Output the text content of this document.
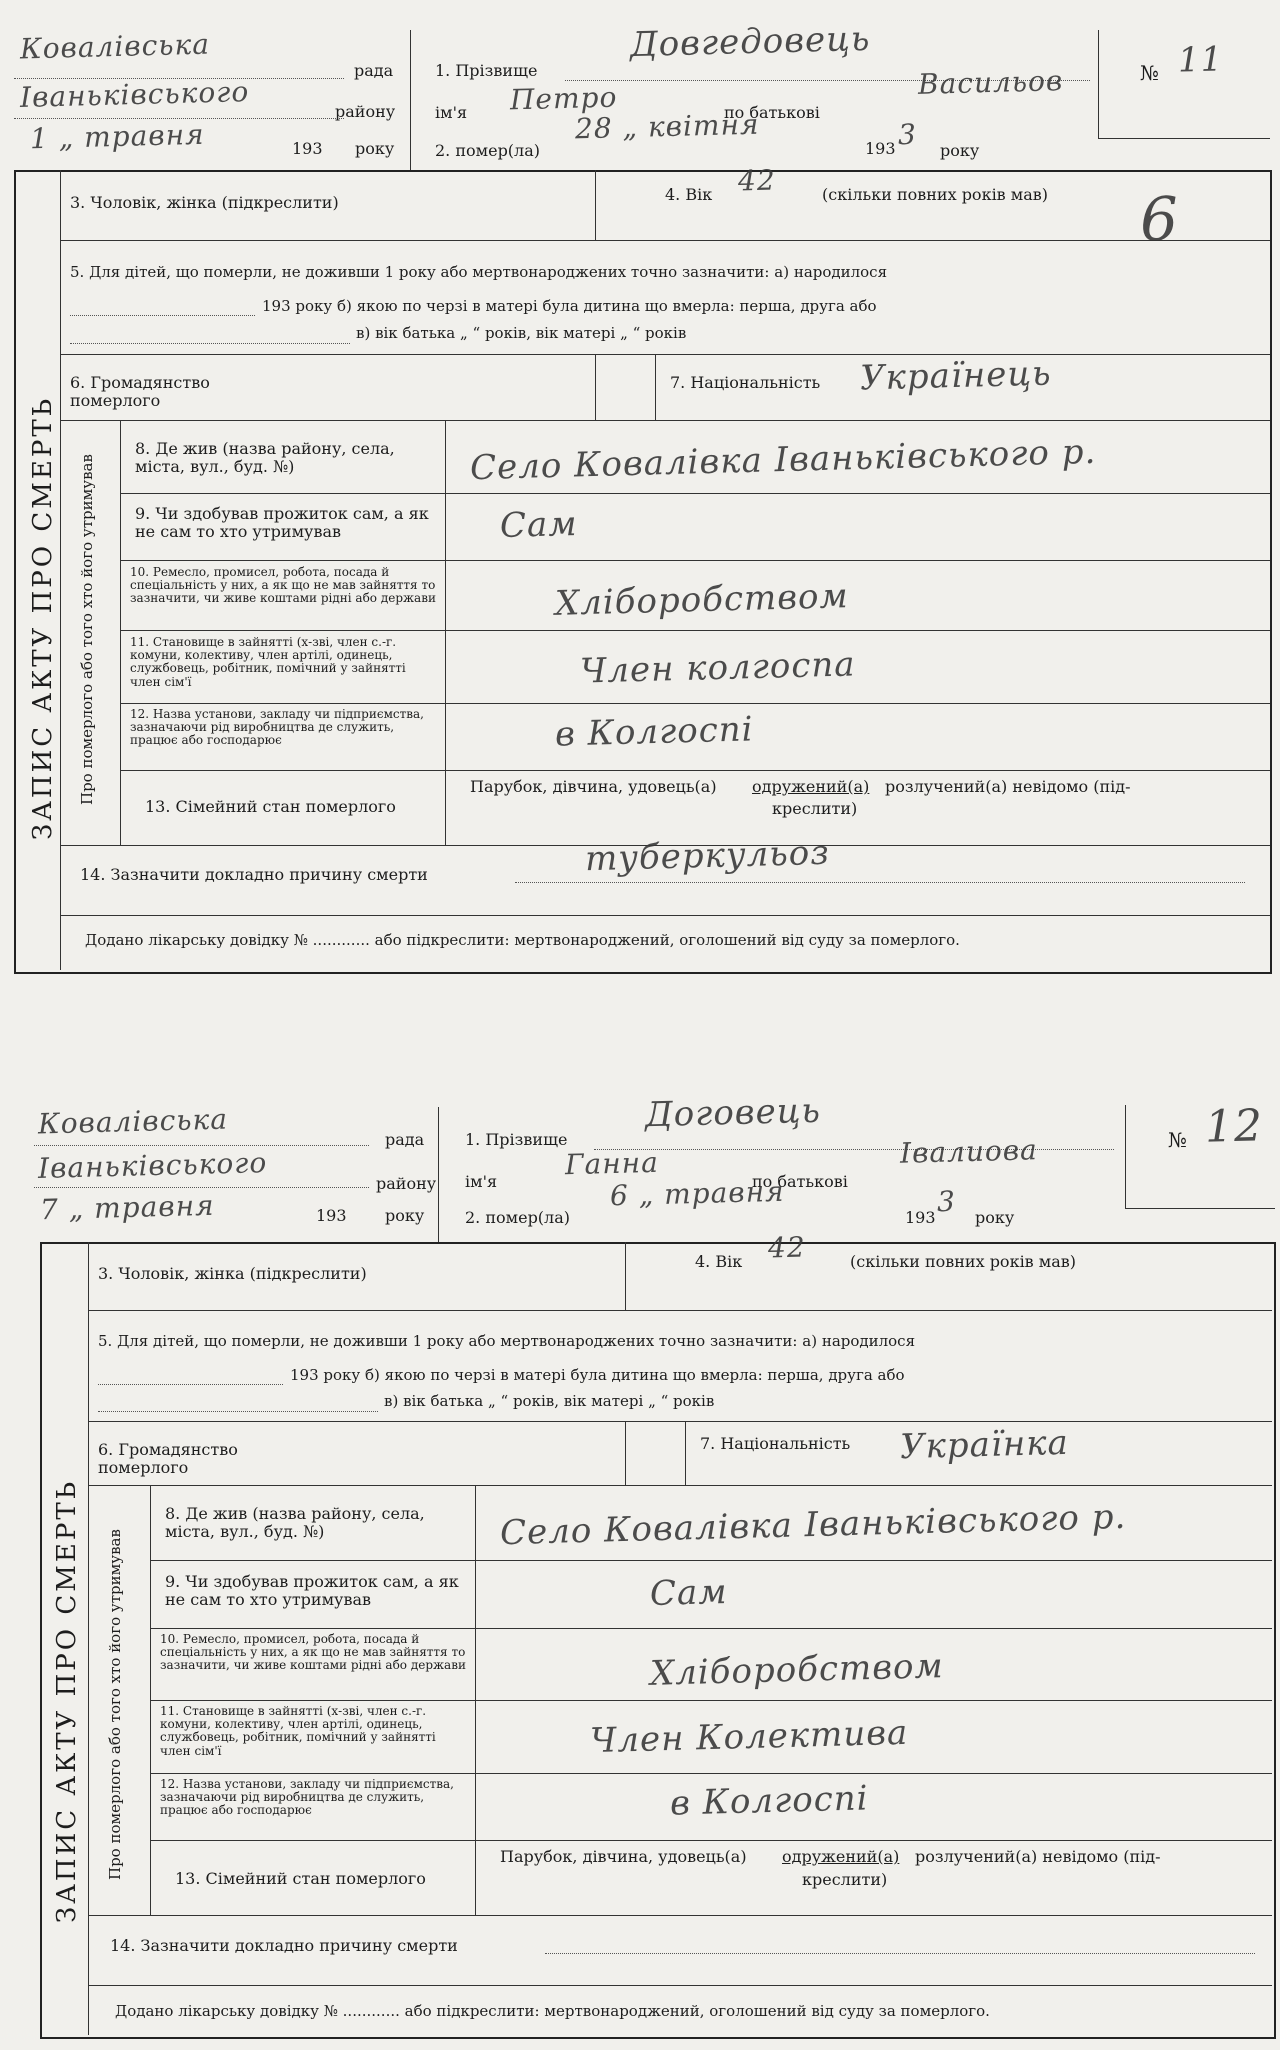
Ковалівська
рада
Іваньківського	району
1 „ травня	193 року
1. Прізвище
Довгедовець
ім'я Петро	по батькові
Васильов
2. помер(ла)
28 „ квітня
193 3 року
№ 11
6
ЗАПИС АКТУ ПРО СМЕРТЬ Про померлого або того хто його утримував
3. Чоловік, жінка (підкреслити)	4. Вік 42	(скільки повних років мав)
5. Для дітей, що померли, не доживши 1 року або мертвонароджених точно зазначити: а) народилося
193 року б) якою по черзі в матері була дитина що вмерла: перша, друга або
в) вік батька „ “ років, вік матері „ “ років
6. Громадянство померлого
7. Національність Українець
8. Де жив (назва району, села, міста, вул., буд. №)	Село Ковалівка Іваньківського р.
9. Чи здобував прожиток сам, а як не сам то хто утримував	Сам
10. Ремесло, промисел, робота, посада й спеціальність у них, а як що не мав зайняття то зазначити, чи живе коштами рідні або держави	Хліборобством
11. Становище в зайнятті (х-зві, член с.-г. комуни, колективу, член артілі, одинець, службовець, робітник, помічний у зайнятті член сім'ї	Член колгоспа
12. Назва установи, закладу чи підприємства, зазначаючи рід виробництва де служить, працює або господарює	в Колгоспі
13. Сімейний стан померлого
Парубок, дівчина, удовець(а) одружений(а) розлучений(а) невідомо (під-
креслити)
14. Зазначити докладно причину смерти	туберкульоз
Додано лікарську довідку № ............ або підкреслити: мертвонароджений, оголошений від суду за померлого.
Ковалівська	рада
Іваньківського	району
7 „ травня	193 року
1. Прізвище
Договець
ім'я
Ганна
по батькові
Івалиова
2. помер(ла)
6 „ травня
193 3 року
№ 12
ЗАПИС АКТУ ПРО СМЕРТЬ Про померлого або того хто його утримував
3. Чоловік, жінка (підкреслити)
4. Вік 42	(скільки повних років мав)
5. Для дітей, що померли, не доживши 1 року або мертвонароджених точно зазначити: а) народилося
193 року б) якою по черзі в матері була дитина що вмерла: перша, друга або
в) вік батька „ “ років, вік матері „ “ років
6. Громадянство померлого
7. Національність Українка
8. Де жив (назва району, села, міста, вул., буд. №)	Село Ковалівка Іваньківського р.
9. Чи здобував прожиток сам, а як не сам то хто утримував	Сам
10. Ремесло, промисел, робота, посада й спеціальність у них, а як що не мав зайняття то зазначити, чи живе коштами рідні або держави	Хліборобством
11. Становище в зайнятті (х-зві, член с.-г. комуни, колективу, член артілі, одинець, службовець, робітник, помічний у зайнятті член сім'ї	Член Колектива
12. Назва установи, закладу чи підприємства, зазначаючи рід виробництва де служить, працює або господарює	в Колгоспі
13. Сімейний стан померлого
Парубок, дівчина, удовець(а) одружений(а) розлучений(а) невідомо (під-
креслити)
14. Зазначити докладно причину смерти
Додано лікарську довідку № ............ або підкреслити: мертвонароджений, оголошений від суду за померлого.
